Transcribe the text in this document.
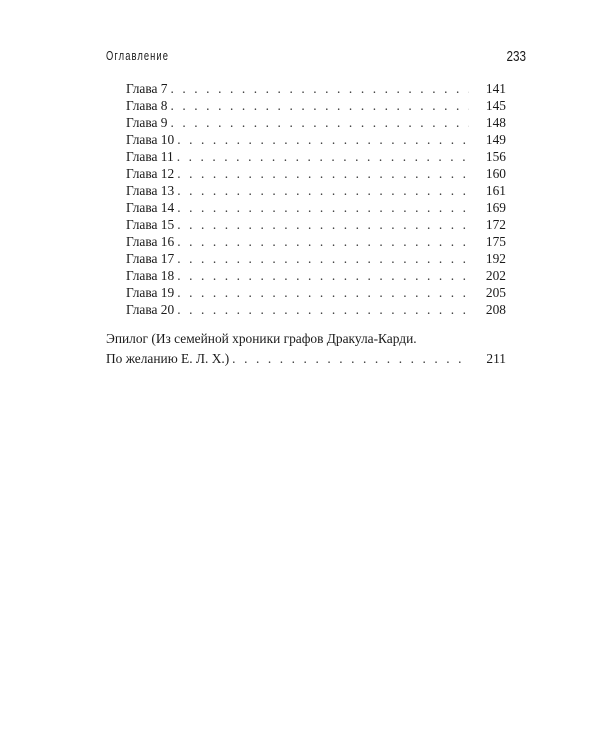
Оглавление	233
Глава 7 . . .	141
Глава 8 . . .	145
Глава 9 . . .	148
Глава 10 . . .	149
Глава 11 . . .	156
Глава 12 . . .	160
Глава 13 . . .	161
Глава 14 . . .	169
Глава 15 . . .	172
Глава 16 . . .	175
Глава 17 . . .	192
Глава 18 . . .	202
Глава 19 . . .	205
Глава 20 . . .	208
Эпилог (Из семейной хроники графов Дракула-Карди.
По желанию Е. Л. Х.) . . .	211
